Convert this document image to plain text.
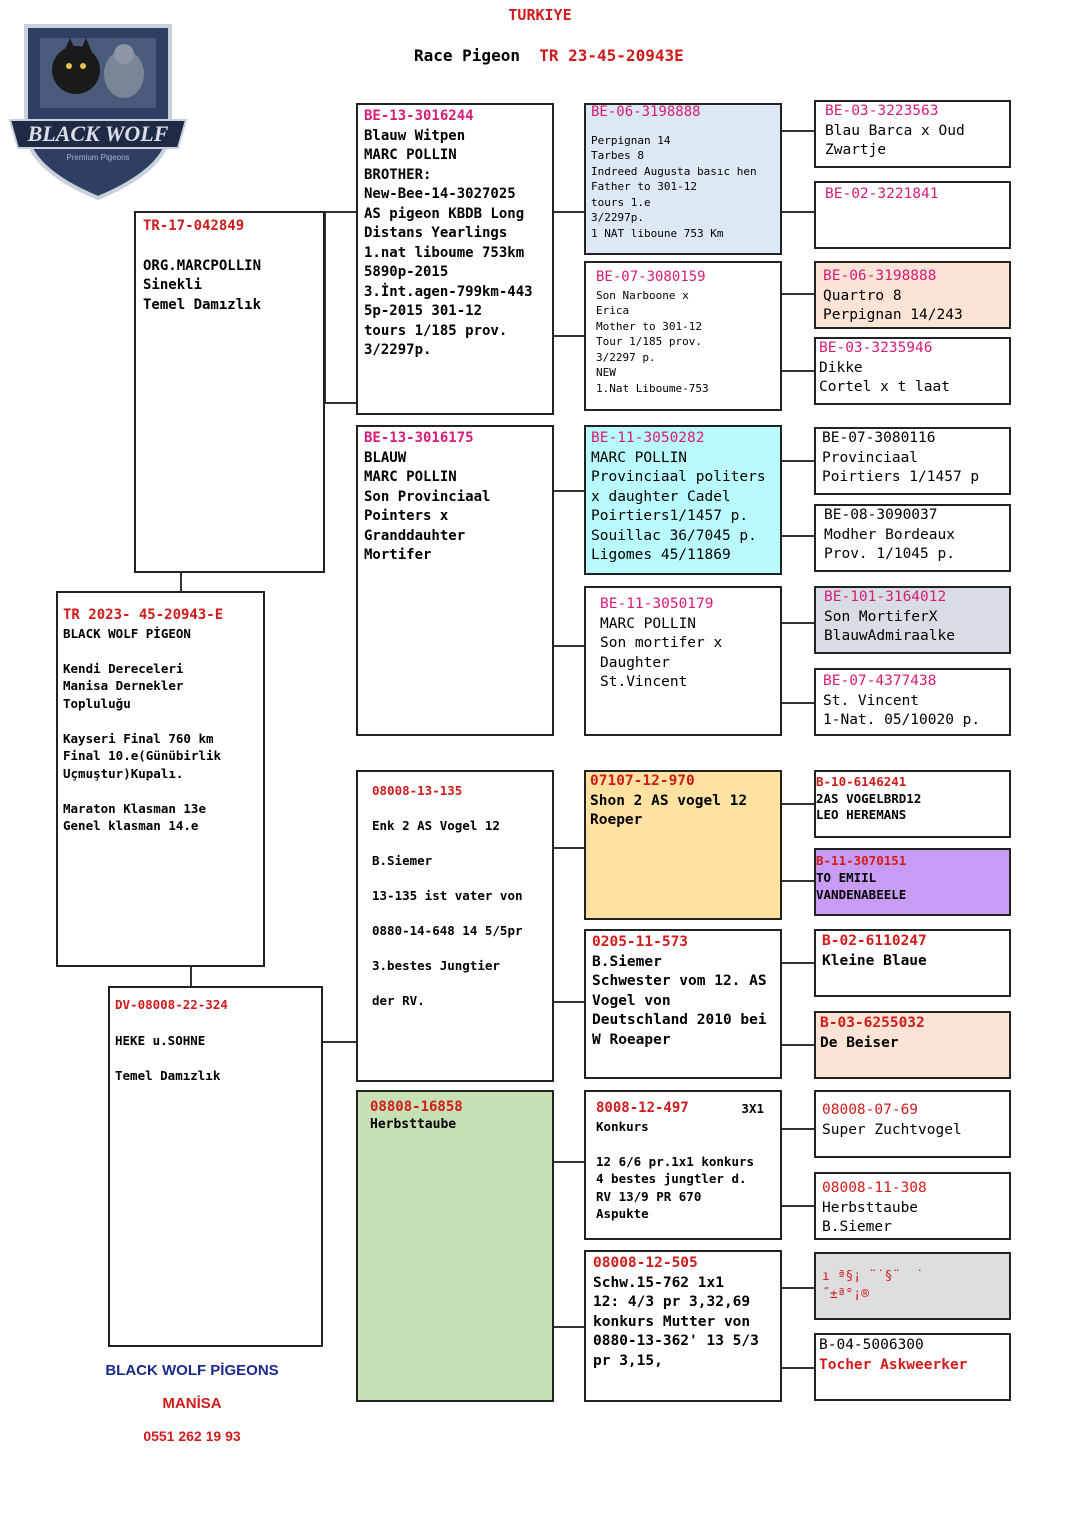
TURKIYE
Race Pigeon TR 23-45-20943E
BLACK WOLF
Premium Pigeons
TR-17-042849
ORG.MARCPOLLIN
Sinekli
Temel Damızlık
TR 2023- 45-20943-E
BLACK WOLF PİGEON

Kendi Dereceleri
Manisa Dernekler
Topluluğu

Kayseri Final 760 km
Final 10.e(Günübirlik
Uçmuştur)Kupalı.

Maraton Klasman 13e
Genel klasman 14.e
DV-08008-22-324
HEKE u.SOHNE

Temel Damızlık
BE-13-3016244
Blauw Witpen
MARC POLLIN
BROTHER:
New-Bee-14-3027025
AS pigeon KBDB Long
Distans Yearlings
1.nat liboume 753km
5890p-2015
3.İnt.agen-799km-443
5p-2015 301-12
tours 1/185 prov.
3/2297p.
BE-13-3016175
BLAUW
MARC POLLIN
Son Provinciaal
Pointers x
Granddauhter
Mortifer
08008-13-135
Enk 2 AS Vogel 12

B.Siemer

13-135 ist vater von

0880-14-648 14 5/5pr

3.bestes Jungtier

der RV.
08808-16858
Herbsttaube
BE-06-3198888
Perpignan 14
Tarbes 8
Indreed Augusta basıc hen
Father to 301-12
tours 1.e
3/2297p.
1 NAT liboune 753 Km
BE-07-3080159
Son Narboone x
Erica
Mother to 301-12
Tour 1/185 prov.
3/2297 p.
NEW
1.Nat Liboume-753
BE-11-3050282
MARC POLLIN
Provinciaal politers
x daughter Cadel
Poirtiers1/1457 p.
Souillac 36/7045 p.
Ligomes 45/11869
BE-11-3050179
MARC POLLIN
Son mortifer x
Daughter
St.Vincent
07107-12-970
Shon 2 AS vogel 12
Roeper
0205-11-573
B.Siemer
Schwester vom 12. AS
Vogel von
Deutschland 2010 bei
W Roeaper
8008-12-497	3X1
Konkurs

12 6/6 pr.1x1 konkurs
4 bestes jungtler d.
RV 13/9 PR 670
Aspukte
08008-12-505
Schw.15-762 1x1
12: 4/3 pr 3,32,69
konkurs Mutter von
0880-13-362' 13 5/3
pr 3,15,
BE-03-3223563
Blau Barca x Oud
Zwartje
BE-02-3221841
BE-06-3198888
Quartro 8
Perpignan 14/243
BE-03-3235946
Dikke
Cortel x t laat
BE-07-3080116
Provinciaal
Poirtiers 1/1457 p
BE-08-3090037
Modher Bordeaux
Prov. 1/1045 p.
BE-101-3164012
Son MortiferX
BlauwAdmiraalke
BE-07-4377438
St. Vincent
1-Nat. 05/10020 p.
B-10-6146241
2AS VOGELBRD12
LEO HEREMANS
B-11-3070151
TO EMIIL
VANDENABEELE
B-02-6110247
Kleine Blaue
B-03-6255032
De Beiser
08008-07-69
Super Zuchtvogel
08008-11-308
Herbsttaube
B.Siemer
ı ª§¡ ¨˙§¨  ˙
˝±ª°¡®
B-04-5006300
Tocher Askweerker
BLACK WOLF PİGEONS
MANİSA
0551 262 19 93
